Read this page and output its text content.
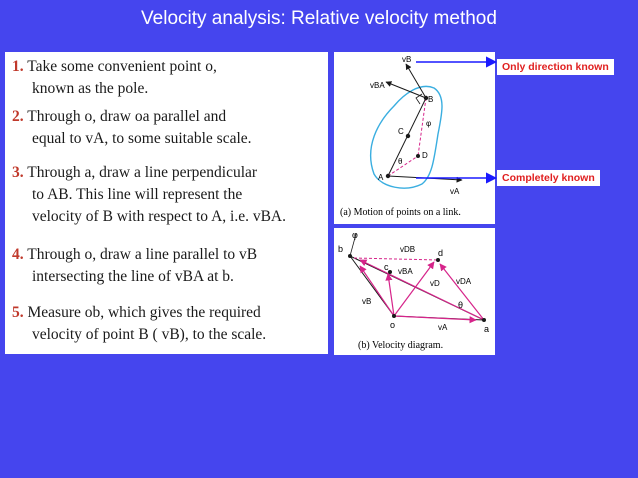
Velocity analysis: Relative velocity method
1. Take some convenient point o,
known as the pole.
2. Through o, draw oa parallel and
equal to vA, to some suitable scale.
3. Through a, draw a line perpendicular
to AB. This line will represent the
velocity of B with respect to A, i.e. vBA.
4. Through o, draw a line parallel to vB
intersecting the line of vBA at b.
5. Measure ob, which gives the required
velocity of point B ( vB), to the scale.
vB
vBA
B
φ
C
D
θ
A
vA
(a) Motion of points on a link.
φ
b	vDB	d
c vBA
vD vDA
vB	θ
o	vA	a
(b) Velocity diagram.
Only direction known
Completely known
